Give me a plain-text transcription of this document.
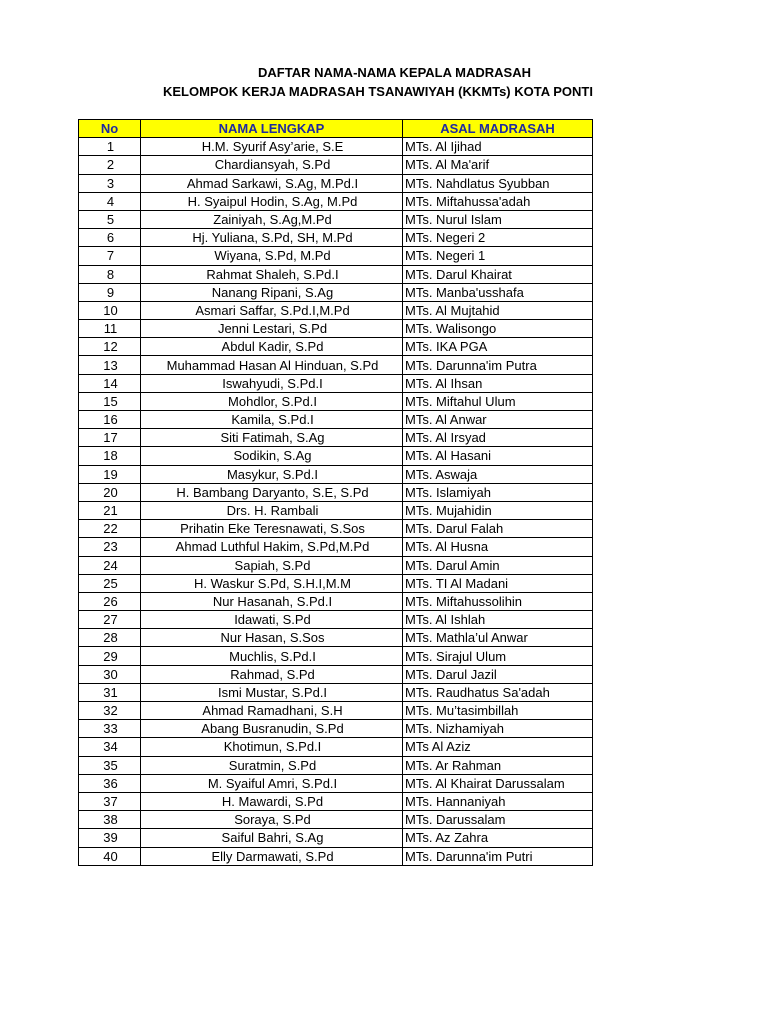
DAFTAR NAMA-NAMA KEPALA MADRASAH
KELOMPOK KERJA MADRASAH TSANAWIYAH (KKMTs) KOTA PONTI
No	NAMA LENGKAP	ASAL MADRASAH
1	H.M. Syurif Asy’arie, S.E	MTs. Al Ijihad
2	Chardiansyah, S.Pd	MTs. Al Ma'arif
3	Ahmad Sarkawi, S.Ag, M.Pd.I	MTs. Nahdlatus Syubban
4	H. Syaipul Hodin, S.Ag, M.Pd	MTs. Miftahussa'adah
5	Zainiyah, S.Ag,M.Pd	MTs. Nurul Islam
6	Hj. Yuliana, S.Pd, SH, M.Pd	MTs. Negeri 2
7	Wiyana, S.Pd, M.Pd	MTs. Negeri 1
8	Rahmat Shaleh, S.Pd.I	MTs. Darul Khairat
9	Nanang Ripani, S.Ag	MTs. Manba'usshafa
10	Asmari Saffar, S.Pd.I,M.Pd	MTs. Al Mujtahid
11	Jenni Lestari, S.Pd	MTs. Walisongo
12	Abdul Kadir, S.Pd	MTs. IKA PGA
13	Muhammad Hasan Al Hinduan, S.Pd	MTs. Darunna'im Putra
14	Iswahyudi, S.Pd.I	MTs. Al Ihsan
15	Mohdlor, S.Pd.I	MTs. Miftahul Ulum
16	Kamila, S.Pd.I	MTs. Al Anwar
17	Siti Fatimah, S.Ag	MTs. Al Irsyad
18	Sodikin, S.Ag	MTs. Al Hasani
19	Masykur, S.Pd.I	MTs. Aswaja
20	H. Bambang Daryanto, S.E, S.Pd	MTs. Islamiyah
21	Drs. H. Rambali	MTs. Mujahidin
22	Prihatin Eke Teresnawati, S.Sos	MTs. Darul Falah
23	Ahmad Luthful Hakim, S.Pd,M.Pd	MTs. Al Husna
24	Sapiah, S.Pd	MTs. Darul Amin
25	H. Waskur S.Pd, S.H.I,M.M	MTs. TI Al Madani
26	Nur Hasanah, S.Pd.I	MTs. Miftahussolihin
27	Idawati, S.Pd	MTs. Al Ishlah
28	Nur Hasan, S.Sos	MTs. Mathla’ul Anwar
29	Muchlis, S.Pd.I	MTs. Sirajul Ulum
30	Rahmad, S.Pd	MTs. Darul Jazil
31	Ismi Mustar, S.Pd.I	MTs. Raudhatus Sa'adah
32	Ahmad Ramadhani, S.H	MTs. Mu’tasimbillah
33	Abang Busranudin, S.Pd	MTs. Nizhamiyah
34	Khotimun, S.Pd.I	MTs Al Aziz
35	Suratmin, S.Pd	MTs. Ar Rahman
36	M. Syaiful Amri, S.Pd.I	MTs. Al Khairat Darussalam
37	H. Mawardi, S.Pd	MTs. Hannaniyah
38	Soraya, S.Pd	MTs. Darussalam
39	Saiful Bahri, S.Ag	MTs. Az Zahra
40	Elly Darmawati, S.Pd	MTs. Darunna'im Putri
